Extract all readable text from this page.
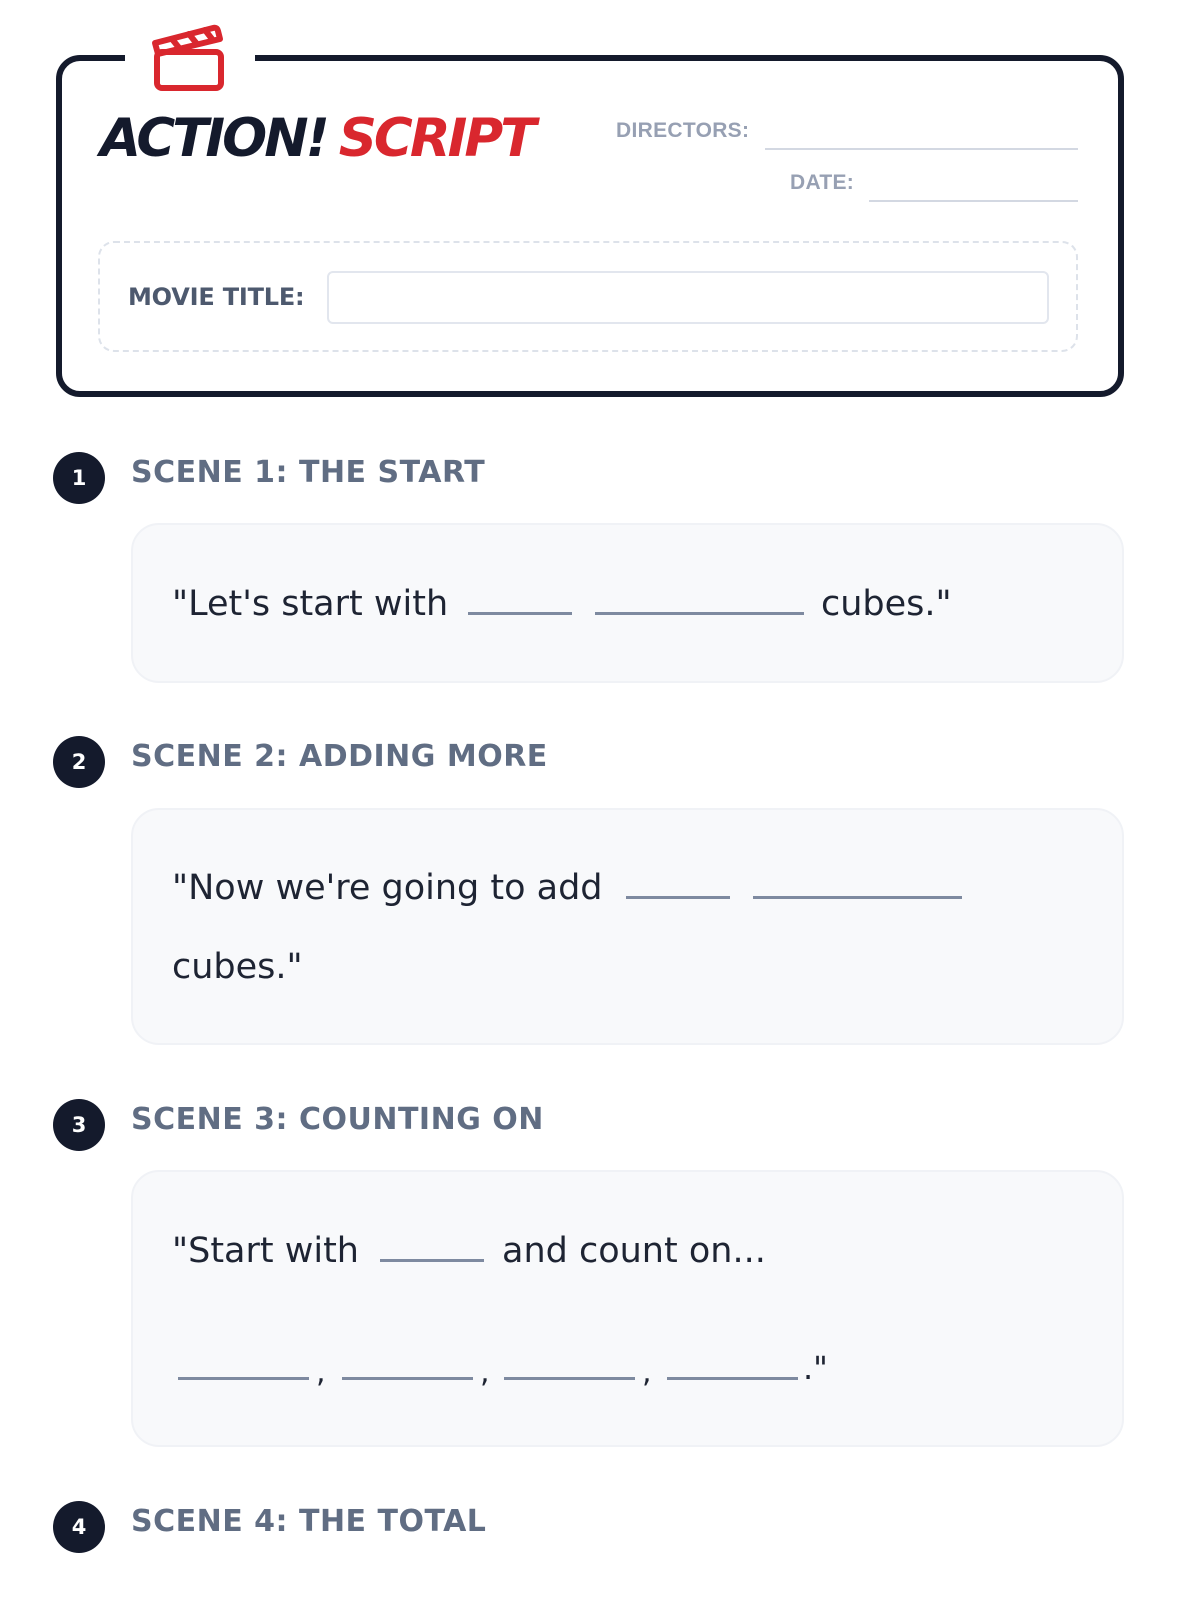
ACTION! SCRIPT	DIRECTORS:
DATE:
MOVIE TITLE:
1	SCENE 1: THE START
"Let's start with	cubes."
2	SCENE 2: ADDING MORE
"Now we're going to add
cubes."
3	SCENE 3: COUNTING ON
"Start with	and count on...
,	,	,	."
4	SCENE 4: THE TOTAL
